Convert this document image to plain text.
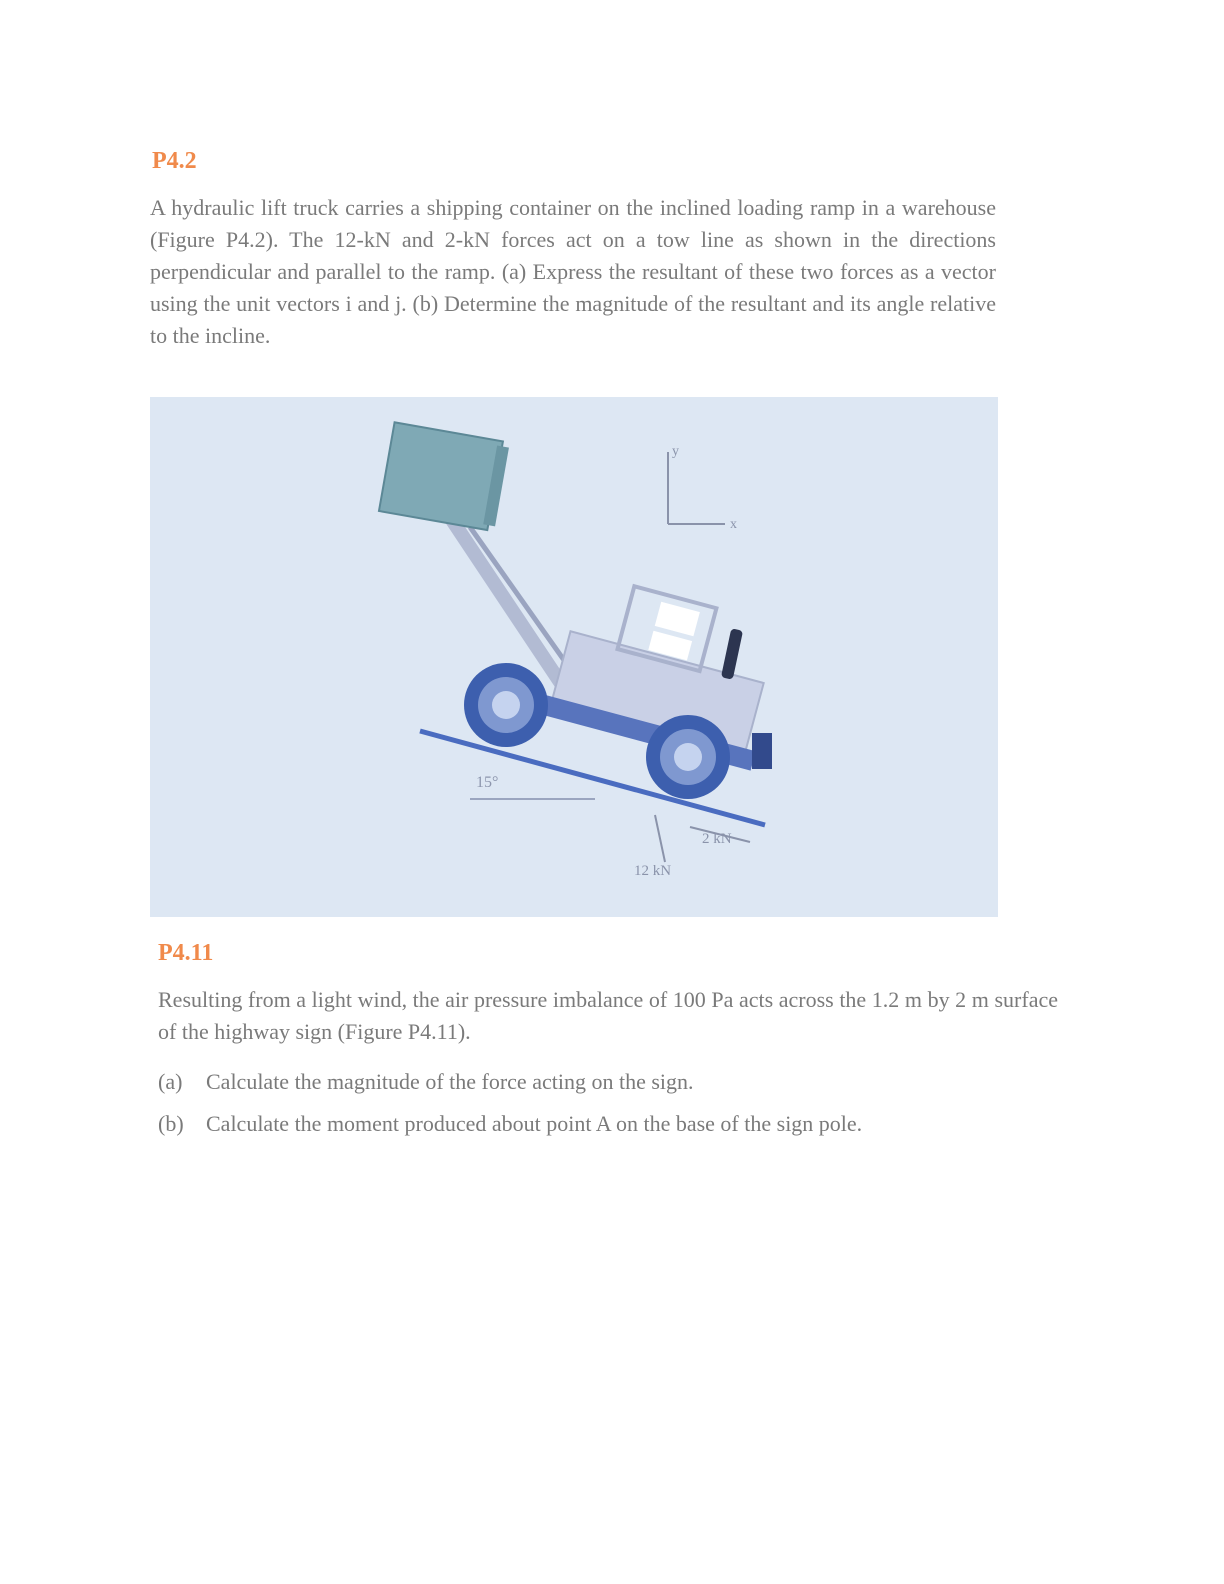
P4.2
A hydraulic lift truck carries a shipping container on the inclined loading ramp in a warehouse (Figure P4.2). The 12-kN and 2-kN forces act on a tow line as shown in the directions perpendicular and parallel to the ramp. (a) Express the resultant of these two forces as a vector using the unit vectors i and j. (b) Determine the magnitude of the resultant and its angle relative to the incline.
15°
y
x
2 kN
12 kN
P4.11
Resulting from a light wind, the air pressure imbalance of 100 Pa acts across the 1.2 m by 2 m surface of the highway sign (Figure P4.11).
(a)	Calculate the magnitude of the force acting on the sign.
(b)	Calculate the moment produced about point A on the base of the sign pole.
